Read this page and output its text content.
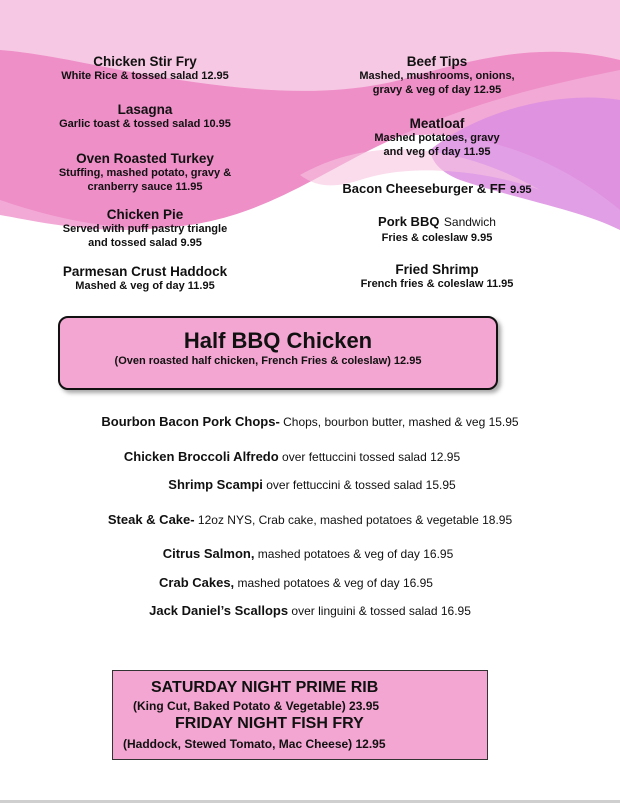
Chicken Stir Fry
White Rice & tossed salad 12.95
Lasagna
Garlic toast & tossed salad 10.95
Oven Roasted Turkey
Stuffing, mashed potato, gravy &
cranberry sauce 11.95
Chicken Pie
Served with puff pastry triangle
and tossed salad 9.95
Parmesan Crust Haddock
Mashed & veg of day 11.95
Beef Tips
Mashed, mushrooms, onions,
gravy & veg of day 12.95
Meatloaf
Mashed potatoes, gravy
and veg of day 11.95
Bacon Cheeseburger & FF 9.95
Pork BBQ Sandwich
Fries & coleslaw 9.95
Fried Shrimp
French fries & coleslaw 11.95
Half BBQ Chicken
(Oven roasted half chicken, French Fries & coleslaw) 12.95
Bourbon Bacon Pork Chops- Chops, bourbon butter, mashed & veg 15.95
Chicken Broccoli Alfredo over fettuccini tossed salad 12.95
Shrimp Scampi over fettuccini & tossed salad 15.95
Steak & Cake- 12oz NYS, Crab cake, mashed potatoes & vegetable 18.95
Citrus Salmon, mashed potatoes & veg of day 16.95
Crab Cakes, mashed potatoes & veg of day 16.95
Jack Daniel’s Scallops over linguini & tossed salad 16.95
SATURDAY NIGHT PRIME RIB
(King Cut, Baked Potato & Vegetable) 23.95
FRIDAY NIGHT FISH FRY
(Haddock, Stewed Tomato, Mac Cheese) 12.95
